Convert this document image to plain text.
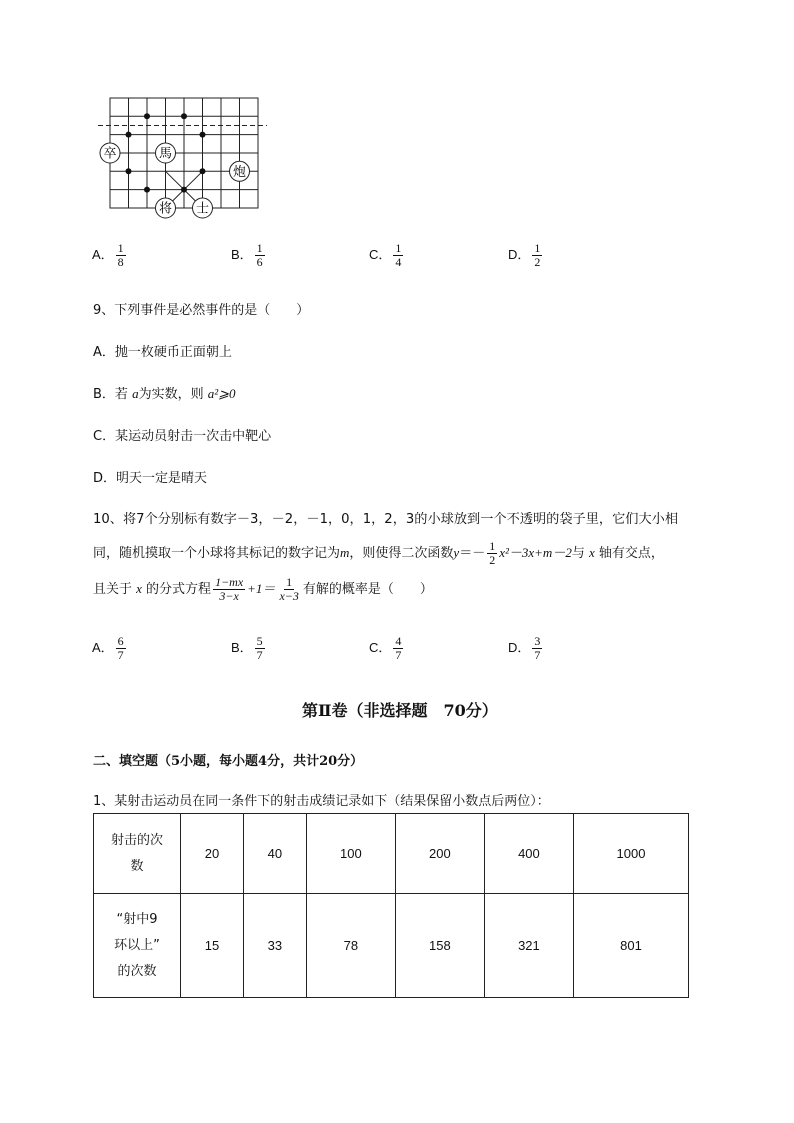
卒	馬
炮
将 士
A． $\frac{1}{8}$	B． $\frac{1}{6}$	C． $\frac{1}{4}$	D． $\frac{1}{2}$
9、下列事件是必然事件的是（　　）
A．抛一枚硬币正面朝上
B．若 a为实数，则 a²⩾0
C．某运动员射击一次击中靶心
D．明天一定是晴天
10、将7个分别标有数字－3，－2，－1，0，1，2，3的小球放到一个不透明的袋子里，它们大小相
同，随机摸取一个小球将其标记的数字记为m，则使得二次函数$y=- \frac{1}{2} x^2-3x+m-2$与 x 轴有交点，
且关于 x 的分式方程 $\frac{1-mx}{3-x} +1= \frac{1}{x-3}$ 有解的概率是（　　）
A． $\frac{6}{7}$	B． $\frac{5}{7}$	C． $\frac{4}{7}$	D． $\frac{3}{7}$
第Ⅱ卷（非选择题　70分）
二、填空题（5小题，每小题4分，共计20分）
1、某射击运动员在同一条件下的射击成绩记录如下（结果保留小数点后两位）：
射击的次
数	20	40	100	200	400	1000

“射中9
环以上”
的次数	15	33	78	158	321	801
